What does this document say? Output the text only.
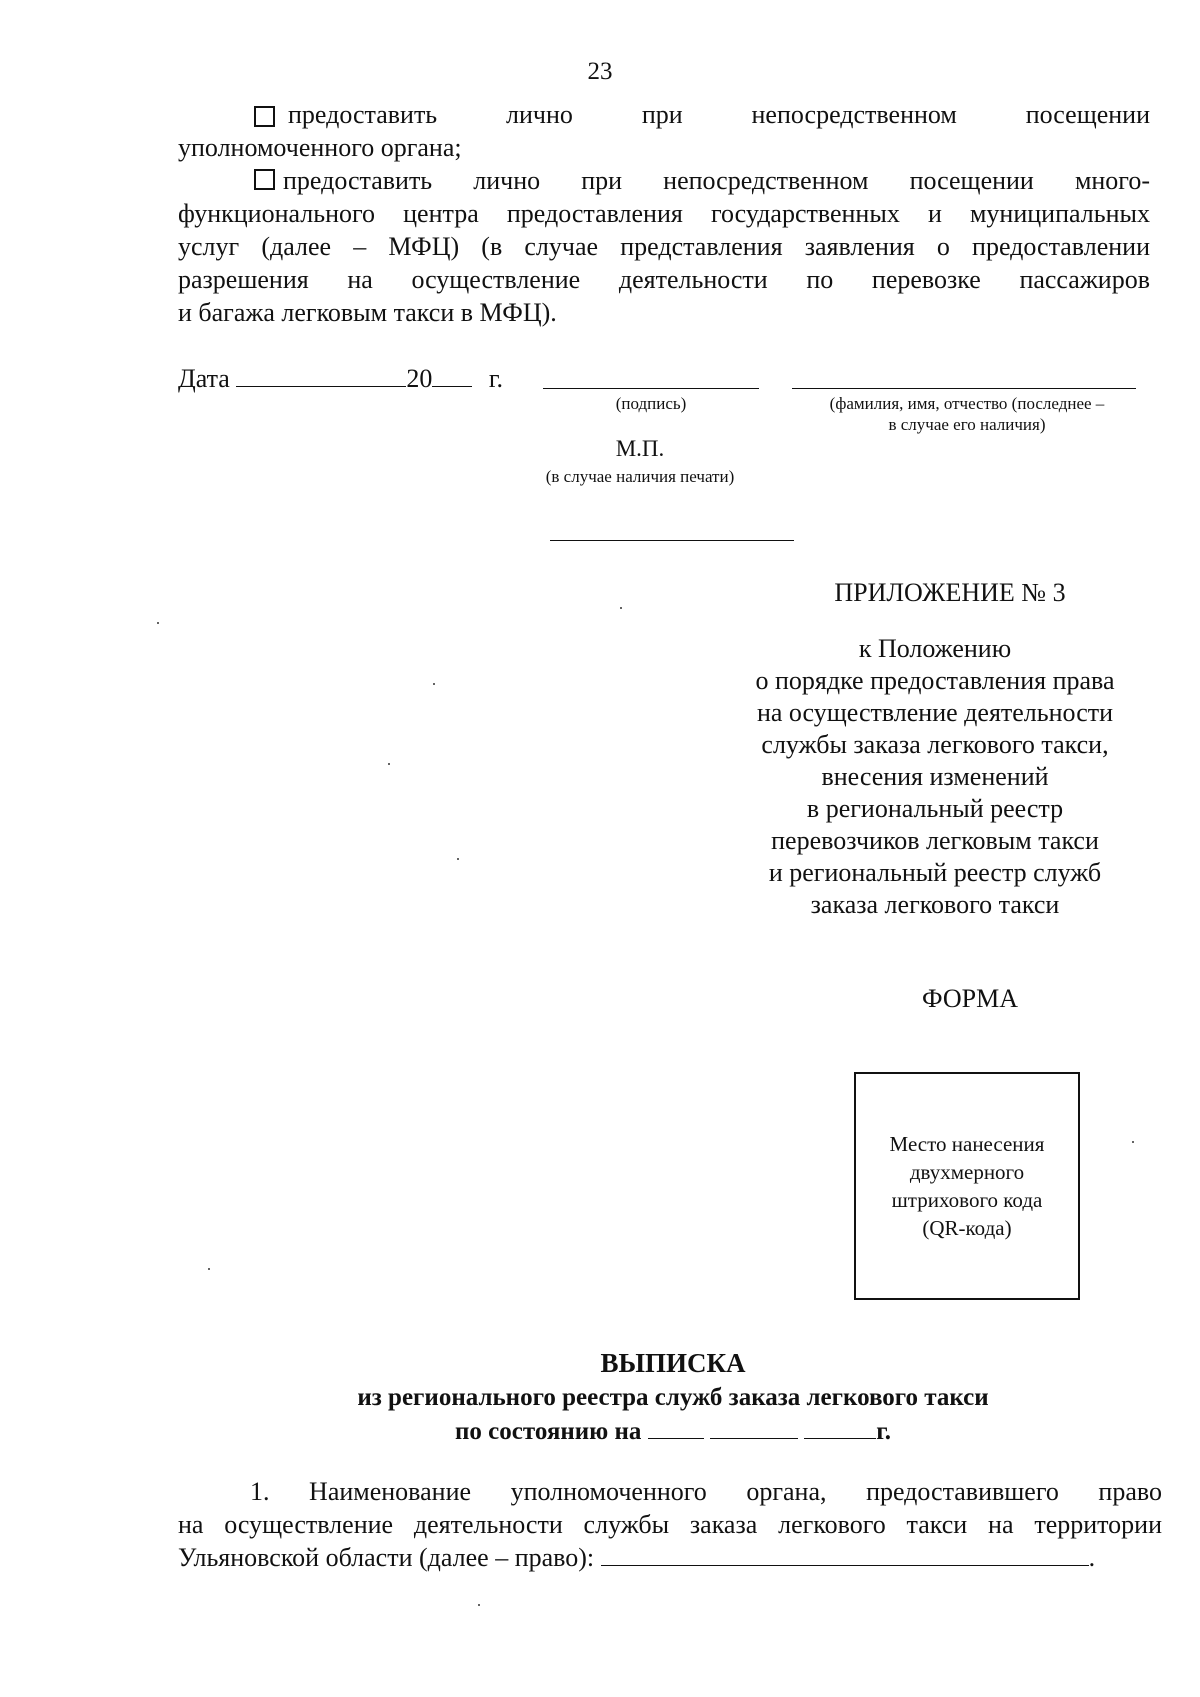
23
предоставить	лично	при	непосредственном	посещении
уполномоченного органа;
предоставить лично при непосредственном посещении много-
функционального центра предоставления государственных и муниципальных
услуг (далее – МФЦ) (в случае представления заявления о предоставлении
разрешения на осуществление деятельности по перевозке пассажиров
и багажа легковым такси в МФЦ).
Дата	20 г.
(подпись)	(фамилия, имя, отчество (последнее –
в случае его наличия)
М.П.
(в случае наличия печати)
ПРИЛОЖЕНИЕ № 3
к Положению
о порядке предоставления права
на осуществление деятельности
службы заказа легкового такси,
внесения изменений
в региональный реестр
перевозчиков легковым такси
и региональный реестр служб
заказа легкового такси
ФОРМА
Место нанесения
двухмерного
штрихового кода
(QR-кода)
ВЫПИСКА
из регионального реестра служб заказа легкового такси
по состоянию на	г.
1. Наименование уполномоченного органа, предоставившего право
на осуществление деятельности службы заказа легкового такси на территории
Ульяновской области (далее – право):	.
